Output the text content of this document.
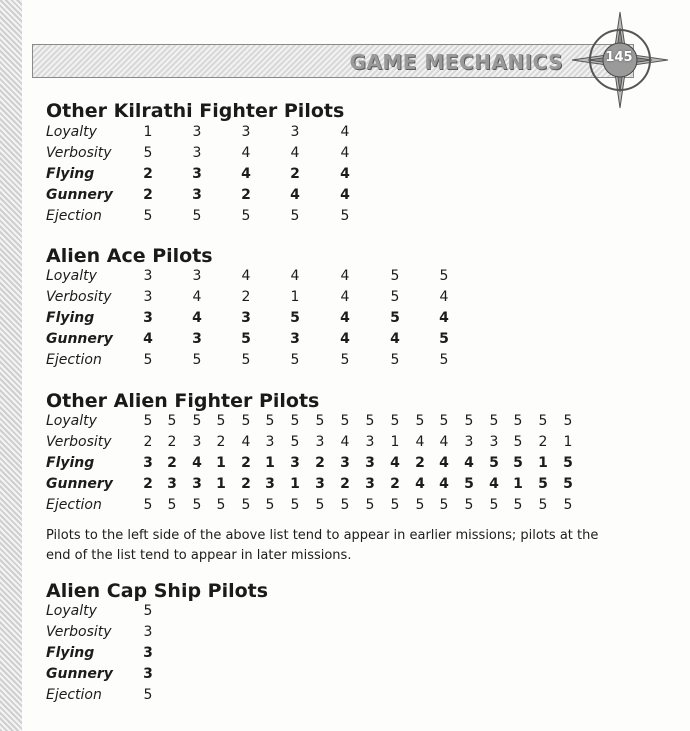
GAME MECHANICS	145
Other Kilrathi Fighter Pilots
Alien Ace Pilots
Other Alien Fighter Pilots
Alien Cap Ship Pilots
Loyalty	1	3	3	3	4
Verbosity 5	3	4	4	4
Flying	2	3	4	2	4
Gunnery 2	3	2	4	4
Ejection	5	5	5	5	5
Loyalty	3	3	4	4	4	5	5
Verbosity 3	4	2	1	4	5	4
Flying	3	4	3	5	4	5	4
Gunnery 4	3	5	3	4	4	5
Ejection	5	5	5	5	5	5	5
Loyalty	5 5 5 5 5 5 5 5 5 5 5 5 5 5 5 5 5 5
Verbosity 2 2 3 2 4 3 5 3 4 3 1 4 4 3 3 5 2 1
Flying	3 2 4 1 2 1 3 2 3 3 4 2 4 4 5 5 1 5
Gunnery 2 3 3 1 2 3 1 3 2 3 2 4 4 5 4 1 5 5
Ejection	5 5 5 5 5 5 5 5 5 5 5 5 5 5 5 5 5 5
Loyalty	5
Verbosity 3
Flying	3
Gunnery 3
Ejection	5
Pilots to the left side of the above list tend to appear in earlier missions; pilots at the end of the list tend to appear in later missions.
